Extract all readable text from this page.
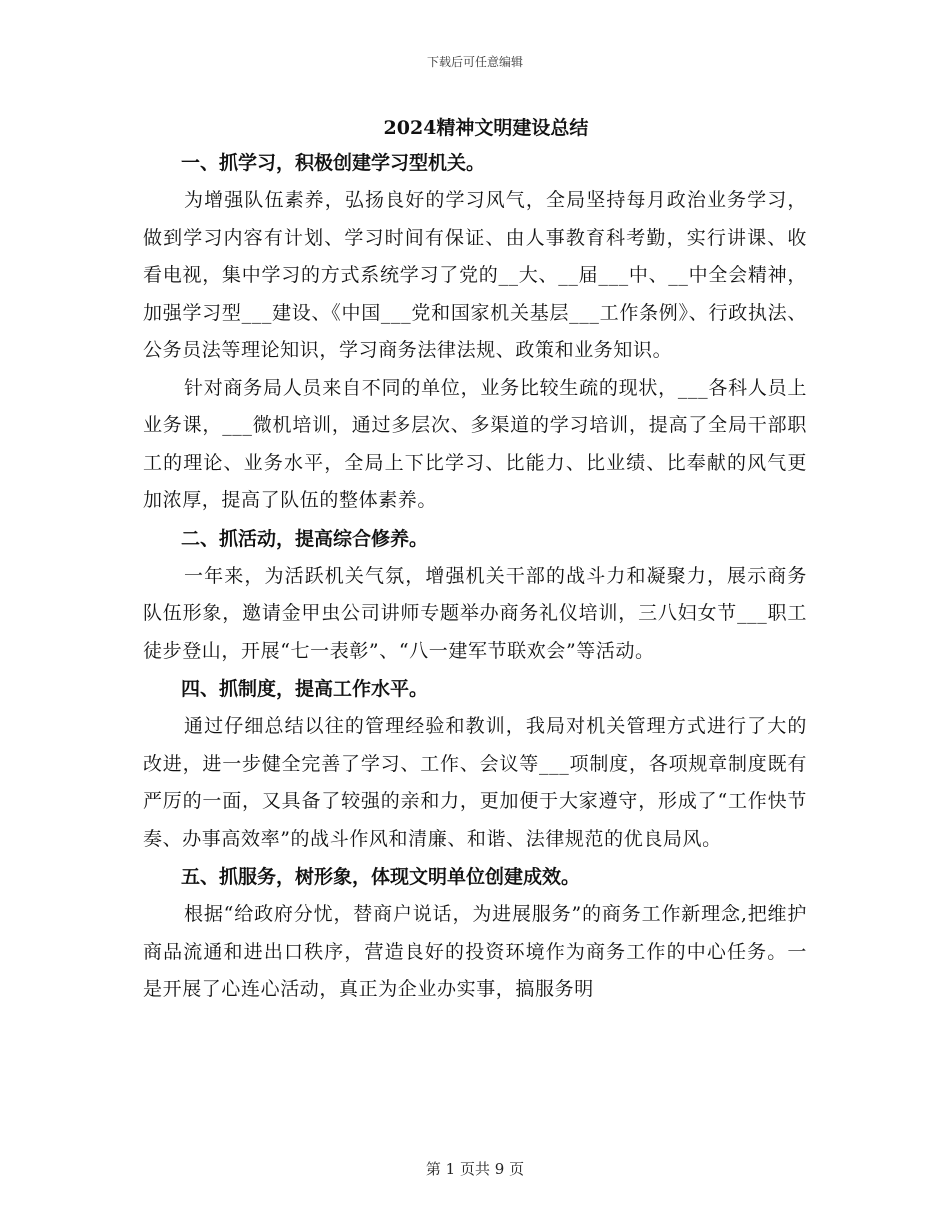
下载后可任意编辑
2024精神文明建设总结
一、抓学习，积极创建学习型机关。

为增强队伍素养，弘扬良好的学习风气，全局坚持每月政治业务学习，做到学习内容有计划、学习时间有保证、由人事教育科考勤，实行讲课、收看电视，集中学习的方式系统学习了党的__大、__届___中、__中全会精神，加强学习型___建设、《中国___党和国家机关基层___工作条例》、行政执法、公务员法等理论知识，学习商务法律法规、政策和业务知识。

针对商务局人员来自不同的单位，业务比较生疏的现状，___各科人员上业务课，___微机培训，通过多层次、多渠道的学习培训，提高了全局干部职工的理论、业务水平，全局上下比学习、比能力、比业绩、比奉献的风气更加浓厚，提高了队伍的整体素养。

二、抓活动，提高综合修养。

一年来，为活跃机关气氛，增强机关干部的战斗力和凝聚力，展示商务队伍形象，邀请金甲虫公司讲师专题举办商务礼仪培训，三八妇女节___职工徒步登山，开展“七一表彰”、“八一建军节联欢会”等活动。

四、抓制度，提高工作水平。

通过仔细总结以往的管理经验和教训，我局对机关管理方式进行了大的改进，进一步健全完善了学习、工作、会议等___项制度，各项规章制度既有严厉的一面，又具备了较强的亲和力，更加便于大家遵守，形成了“工作快节奏、办事高效率”的战斗作风和清廉、和谐、法律规范的优良局风。

五、抓服务，树形象，体现文明单位创建成效。

根据“给政府分忧，替商户说话，为进展服务”的商务工作新理念,把维护商品流通和进出口秩序，营造良好的投资环境作为商务工作的中心任务。一是开展了心连心活动，真正为企业办实事，搞服务明

第 1 页共 9 页
